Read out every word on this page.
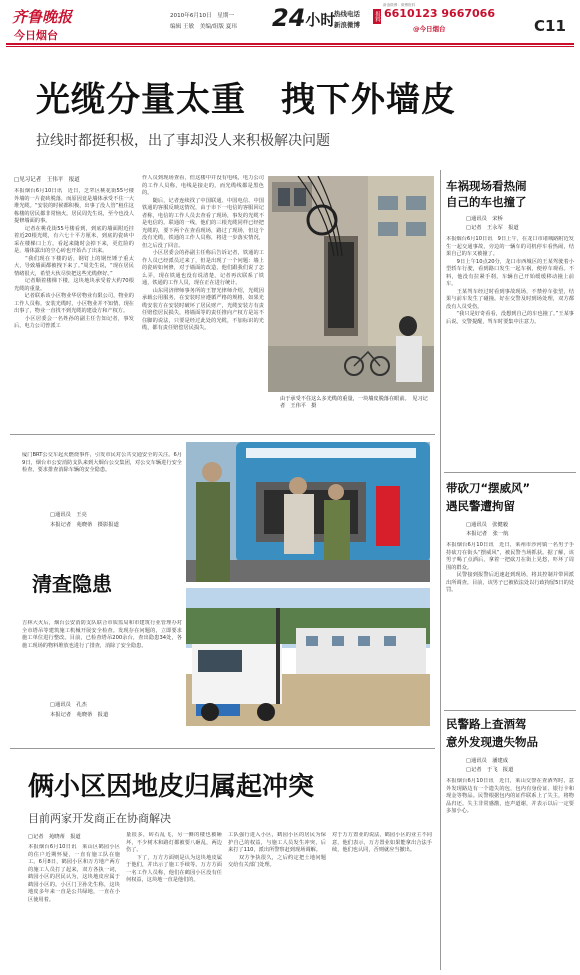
齐鲁晚报
今日烟台
2010年6月10日　星期一
编辑 王敏　美编/组版 夏玮 24 小时
热线电话
新浪微博
报料 6610123 9667066
@今日烟台
新浪微博：微博报料
C11
光缆分量太重　拽下外墙皮
拉线时都挺积极，出了事却没人来积极解决问题
□见习记者　王伟平　报道
本报烟台6月10日讯　近日，芝罘区桃花街55号楼外墙的一片瓷砖脱落，而原因竟是墙体承受不住一大堆光缆。“安装的时候都积极，出事了没人管”租住这栋楼的居民都非常恼火。居民周先生说，至今也没人提修墙面的事。
　　记者在桃花街55号楼看到，到底的墙面附近挂着近20根光缆，有六七十平方厘米，到底的瓷砖中采在楼梯口上方。看起来随时会掉下来，更危险的是，墙体露出的空心砖也开始凸了出来。
　　“我们现在下楼的话，钢钉上的钢丝锤子重太大，导致墙面都被拽下来了。”周先生说，“现在居民情绪很大，希望大伙尽快把这些光缆修好。”
　　记者顺着楼梯下楼，这块地块承受着大约70根光缆的重量。
　　记者联系该小区物业华居物业有限公司，物业的工作人员称，安装光缆时，小区物业并不知情，现在出事了，物业一直找不到光缆的建设方和产权方。
　　小区居委会一名姓孙的副主任告知记者，事发后，电力公司曾派工
作人员到现场查看，但这楼中并没有电线，电力公司的工作人员称，电线是接走的，而光缆线都是黑色的。
　　随后，记者连续找了中国联通、中国电信、中国铁通的客服反映这情况，由于市下一电信的客服回记者称，电信的工作人员去查看了现场，事发的光缆不是电信的。联通的一线，他们的三根光缆同样已经把光缆的，要下两个在查看现场，路过了现场，但这个没有光缆，铁通的工作人员称，将进一步落实情况，但之后没了回音。
　　小区居委会的孙副主任称后告诉记者，铁通的工作人员已经派员过来了，但是出现了一个问题：墙上的瓷砖如何修，对于墙面的改造，他们跟我们说了怎么弄，现在铁通也没有说清楚，记者再次联系了铁通，铁通的工作人员，现在正在进行统计。
　　山东同济律师事务所的王智光律师介绍，光缆因承载公用服务，在安装时应遵循严格的规格，如果光缆安装方在安装时破坏了居民财产，光缆安装方有责任赔偿居民损失，将墙面等的责任推向产权方是站不住脚的说法，只要是经过此处的光缆，不加标识的光缆，都有责任赔偿居民损失。
由于承受不住这么多光缆的重量，一块墙皮脱落在眼前。　见习记者　王伟平　摄
厦门BRT公交车起火燃烧事件，引发市民对公共交通安全的关注。6月9日，烟台市公安消防支队来到大烟台公交集团，对公交车辆进行安全检查，要求排查消除车辆的安全隐患。
□通讯员　王亮
本报记者　苑晓蒂　摄影报道
清查隐患
吉林大火后，烟台公安消防支队联合市质监局和市建筑行业管理办对全市塔吊等建筑施工机械开展安全检查。发现存在问题的，立即要求施工单位进行整改。目前，已检查塔吊200余台，查出隐患34处，各施工现场的物料堆放也进行了排查，消除了安全隐患。
□通讯员　孔杰
本报记者　苑晓蒂　报道
俩小区因地皮归属起冲突
目前两家开发商正在协商解决
□记者　苑晓蒂　报道
本报烟台6月10日讯　莱山区鹤园小区的住户近期怀疑，一直有施工队在施工。6月8日，鹤园小区和万方地产两方的施工人员打了起来，双方各执一词，鹤园小区的居民认为，这块地皮应属于鹤园小区的。小区门卫孙先生称，这块地皮多年来一直是公共绿地，一直在小区使用着。
量很多，砖石乱飞，另一侧的楼也被砸坏，不少树木和路灯都被要八砸乱，两边伤了。
　　下了，万方方面则是认为这块地皮属于他们，并出示了施工手续等。万方方面一名工作人员称，他们在鹤园小区没有任何权益，这块地一直是他们的。
工队强行进入小区，鹤园小区的居民为保护自己的权益，与施工人员发生冲突，后来打了110，派出所警察赶到现场调解。
　　双方争执很久，之后约定把土地问题交给有关部门处理。
对于万方置业的说法，鹤园小区的业主不同意，他们表示，万方置业如果能拿出合法手续，他们也认同，否则就应当撤出。
车祸现场看热闹
自己的车也撞了
□通讯员　宋桥
□记者　王永军　报道
本报烟台6月10日讯　9日上午，在龙口市诸城路附近发生一起交通事故，旁边的一辆车的司机停车看热闹，结果自己的车又被撞了。
　　9日上午10点20分，龙口市西城区的王某驾驶着小型轿车行驶，看到路口发生一起车祸，便停车观看。不料，他没有拉紧手刹，车辆自己开始缓缓移动撞上前车。
　　王某驾车经过时看到事故现场，不禁停车张望，结果与前车发生了碰撞。好在交警及时到场处理，双方都没有人员受伤。
　　“我只是好奇看看，没想到自己的车也撞了。”王某事后说。交警提醒，驾车时要集中注意力。
带砍刀“摆威风”
遇民警遭拘留
□通讯员　张健毅
本报记者　张一航
本报烟台6月10日讯　近日，莱州市沙河镇一名男子手持砍刀在街头“摆威风”，被民警当场抓获。据了解，该男子喝了点酒后，拿着一把砍刀在街上晃悠，吓坏了周围的群众。
　　民警接到报警后迅速赶到现场，将其控制并带回派出所调查。目前，该男子已被依法处以行政拘留5日的处罚。
民警路上查酒驾
意外发现遗失物品
□通讯员　潘建成
□记者　于飞　报道
本报烟台6月10日讯　近日，莱山交警在查酒驾时，意外发现路边有一个遗失的包，包内有身份证、银行卡和现金等物品。民警根据包内的证件联系上了失主，将物品归还。失主非常感激，连声道谢，并表示以后一定要多加小心。
